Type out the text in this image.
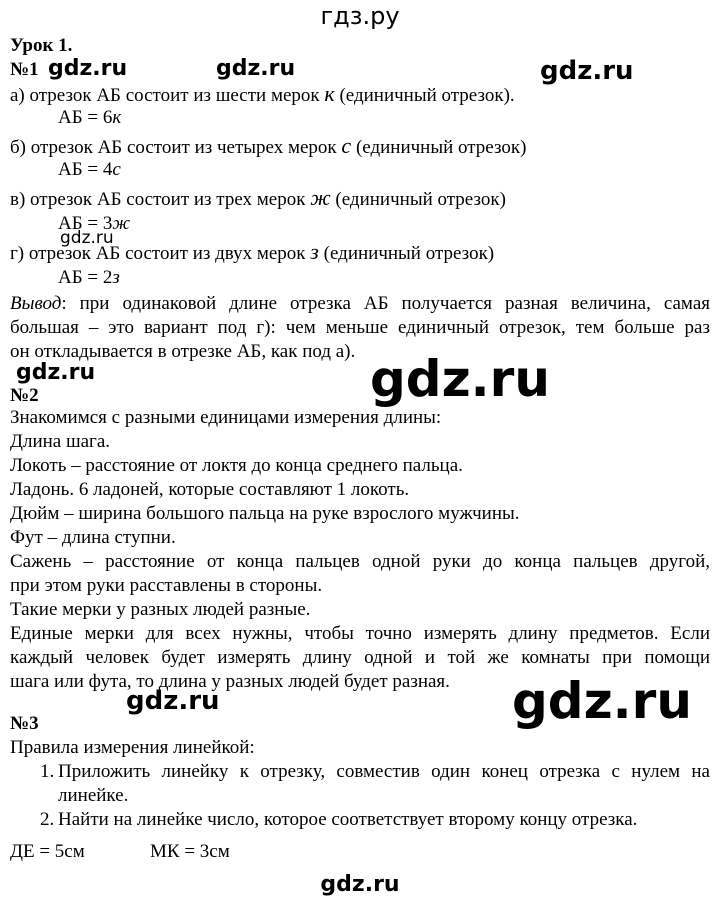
гдз.ру
gdz.ru	gdz.ru	gdz.ru
gdz.ru
gdz.ru	gdz.ru
gdz.ru	gdz.ru
Урок 1.
№1
а) отрезок АБ состоит из шести мерок к (единичный отрезок).
АБ = 6к
б) отрезок АБ состоит из четырех мерок с (единичный отрезок)
АБ = 4с
в) отрезок АБ состоит из трех мерок ж (единичный отрезок)
АБ = 3ж
г) отрезок АБ состоит из двух мерок з (единичный отрезок)
АБ = 2з
Вывод: при одинаковой длине отрезка АБ получается разная величина, самая
большая – это вариант под г): чем меньше единичный отрезок, тем больше раз
он откладывается в отрезке АБ, как под а).
№2
Знакомимся с разными единицами измерения длины:
Длина шага.
Локоть – расстояние от локтя до конца среднего пальца.
Ладонь. 6 ладоней, которые составляют 1 локоть.
Дюйм – ширина большого пальца на руке взрослого мужчины.
Фут – длина ступни.
Сажень – расстояние от конца пальцев одной руки до конца пальцев другой,
при этом руки расставлены в стороны.
Такие мерки у разных людей разные.
Единые мерки для всех нужны, чтобы точно измерять длину предметов. Если
каждый человек будет измерять длину одной и той же комнаты при помощи
шага или фута, то длина у разных людей будет разная.
№3
Правила измерения линейкой:
1. Приложить линейку к отрезку, совместив один конец отрезка с нулем на
линейке.
2. Найти на линейке число, которое соответствует второму концу отрезка.
ДЕ = 5см	МК = 3см
gdz.ru
